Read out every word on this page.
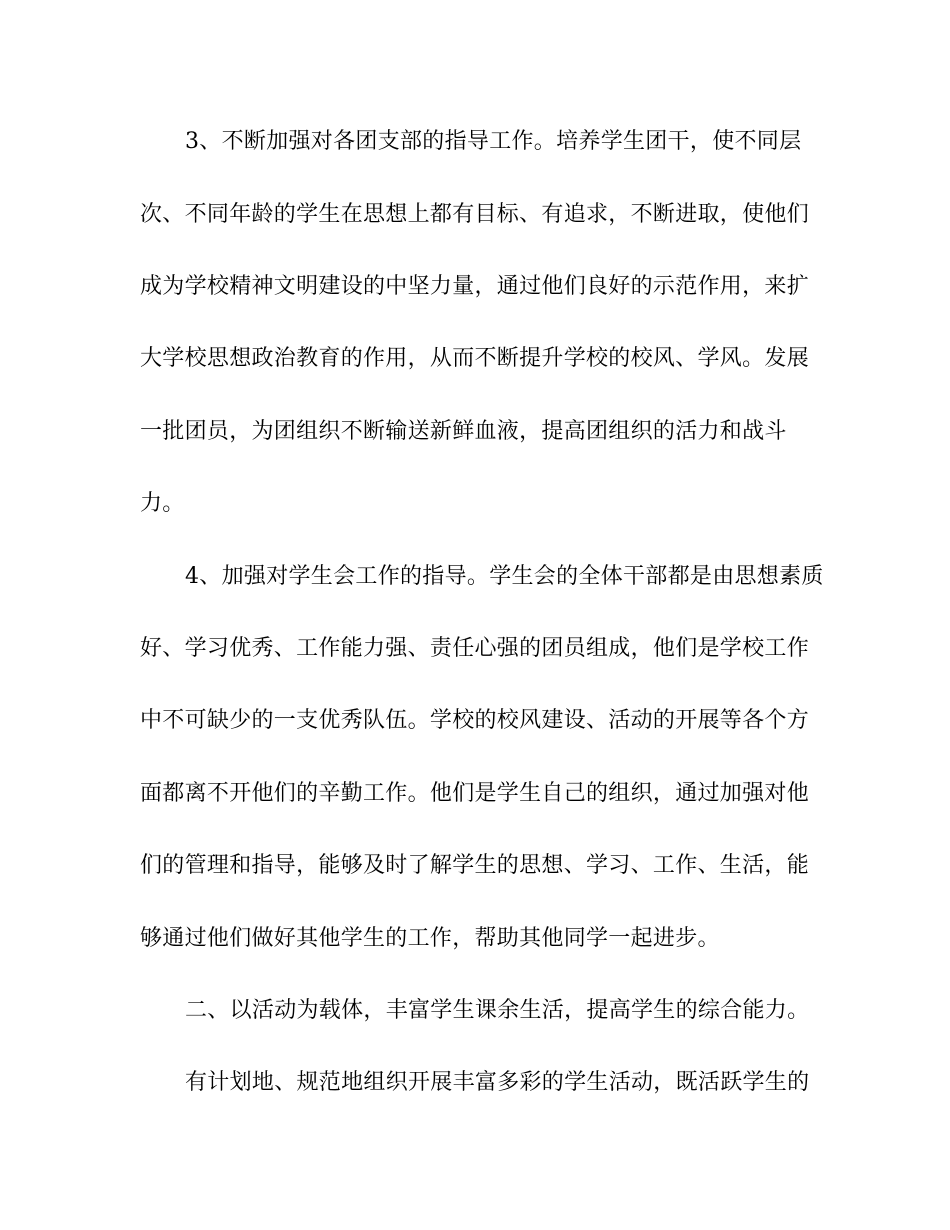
3、不断加强对各团支部的指导工作。培养学生团干，使不同层
次、不同年龄的学生在思想上都有目标、有追求，不断进取，使他们
成为学校精神文明建设的中坚力量，通过他们良好的示范作用，来扩
大学校思想政治教育的作用，从而不断提升学校的校风、学风。发展
一批团员，为团组织不断输送新鲜血液，提高团组织的活力和战斗
力。
4、加强对学生会工作的指导。学生会的全体干部都是由思想素质
好、学习优秀、工作能力强、责任心强的团员组成，他们是学校工作
中不可缺少的一支优秀队伍。学校的校风建设、活动的开展等各个方
面都离不开他们的辛勤工作。他们是学生自己的组织，通过加强对他
们的管理和指导，能够及时了解学生的思想、学习、工作、生活，能
够通过他们做好其他学生的工作，帮助其他同学一起进步。
二、以活动为载体，丰富学生课余生活，提高学生的综合能力。
有计划地、规范地组织开展丰富多彩的学生活动，既活跃学生的
